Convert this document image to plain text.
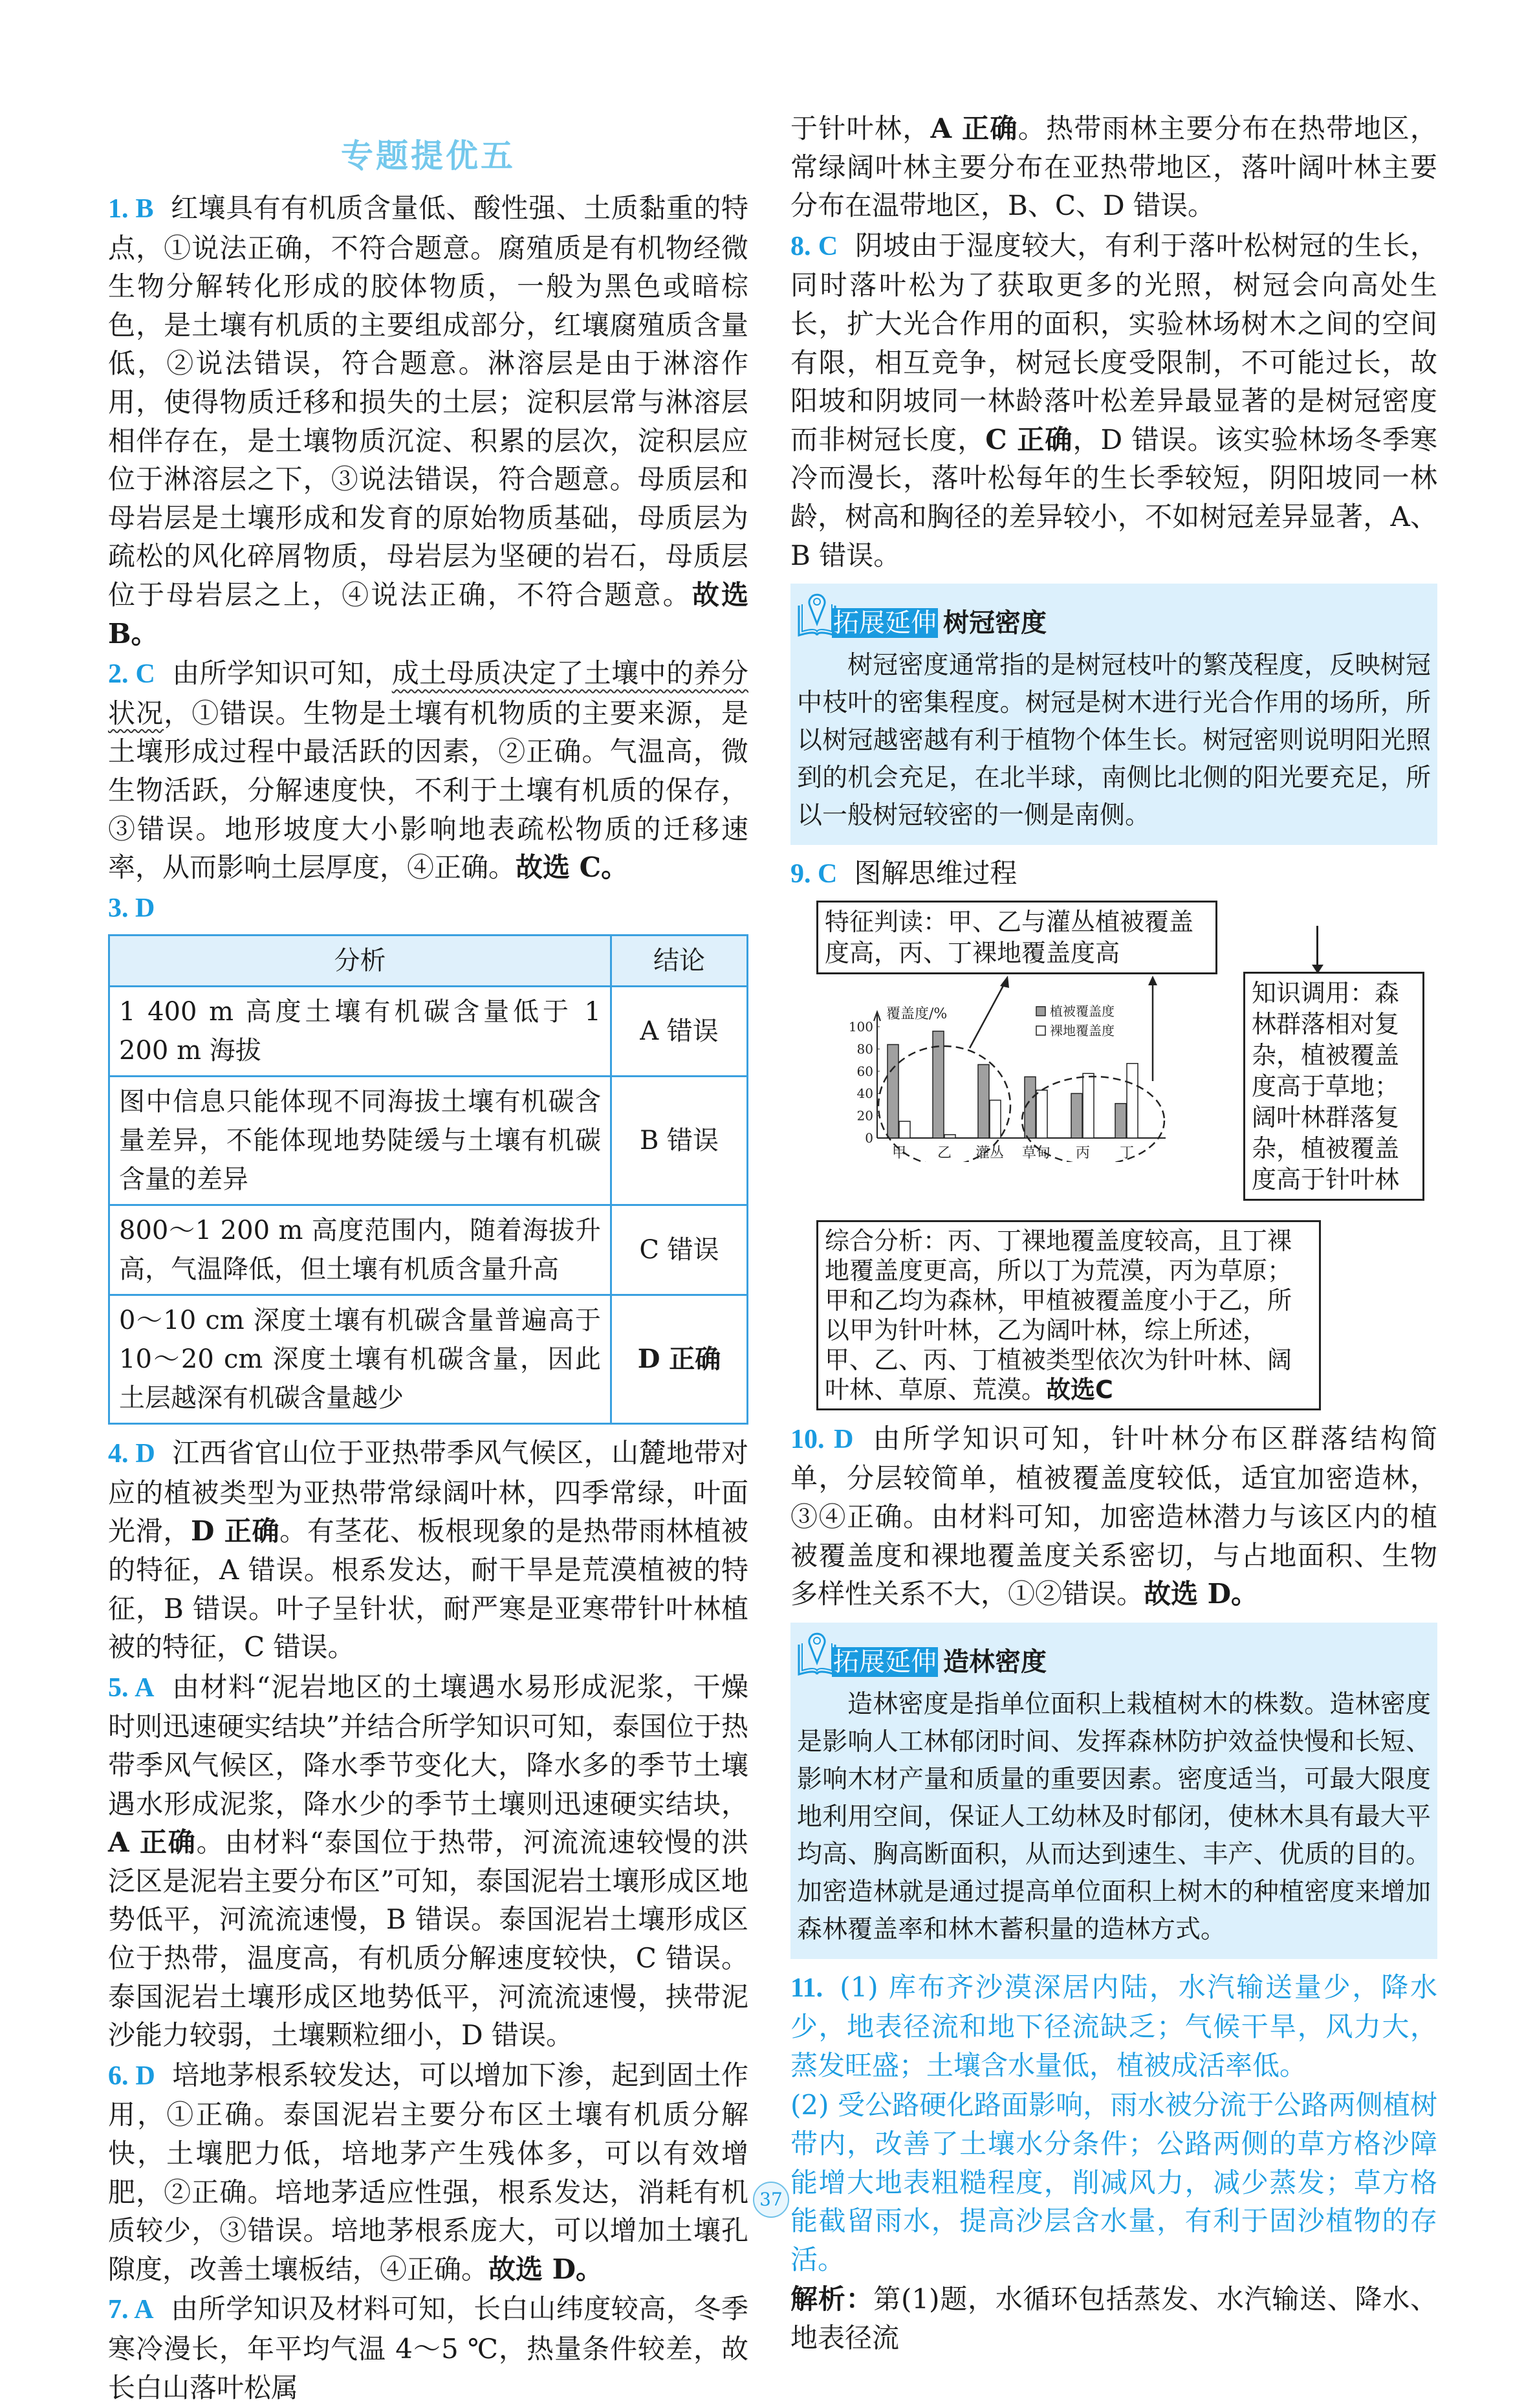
专题提优五
1. B 红壤具有有机质含量低、酸性强、土质黏重的特点，①说法正确，不符合题意。腐殖质是有机物经微生物分解转化形成的胶体物质，一般为黑色或暗棕色，是土壤有机质的主要组成部分，红壤腐殖质含量低，②说法错误，符合题意。淋溶层是由于淋溶作用，使得物质迁移和损失的土层；淀积层常与淋溶层相伴存在，是土壤物质沉淀、积累的层次，淀积层应位于淋溶层之下，③说法错误，符合题意。母质层和母岩层是土壤形成和发育的原始物质基础，母质层为疏松的风化碎屑物质，母岩层为坚硬的岩石，母质层位于母岩层之上，④说法正确，不符合题意。故选 B。
2. C 由所学知识可知，成土母质决定了土壤中的养分状况，①错误。生物是土壤有机物质的主要来源，是土壤形成过程中最活跃的因素，②正确。气温高，微生物活跃，分解速度快，不利于土壤有机质的保存，③错误。地形坡度大小影响地表疏松物质的迁移速率，从而影响土层厚度，④正确。故选 C。
3. D
分析	结论
1 400 m 高度土壤有机碳含量低于 1 200 m 海拔	A 错误
图中信息只能体现不同海拔土壤有机碳含量差异，不能体现地势陡缓与土壤有机碳含量的差异	B 错误
800～1 200 m 高度范围内，随着海拔升高，气温降低，但土壤有机质含量升高	C 错误
0～10 cm 深度土壤有机碳含量普遍高于 10～20 cm 深度土壤有机碳含量，因此土层越深有机碳含量越少	D 正确
4. D 江西省官山位于亚热带季风气候区，山麓地带对应的植被类型为亚热带常绿阔叶林，四季常绿，叶面光滑，D 正确。有茎花、板根现象的是热带雨林植被的特征，A 错误。根系发达，耐干旱是荒漠植被的特征，B 错误。叶子呈针状，耐严寒是亚寒带针叶林植被的特征，C 错误。
5. A 由材料“泥岩地区的土壤遇水易形成泥浆，干燥时则迅速硬实结块”并结合所学知识可知，泰国位于热带季风气候区，降水季节变化大，降水多的季节土壤遇水形成泥浆，降水少的季节土壤则迅速硬实结块，A 正确。由材料“泰国位于热带，河流流速较慢的洪泛区是泥岩主要分布区”可知，泰国泥岩土壤形成区地势低平，河流流速慢，B 错误。泰国泥岩土壤形成区位于热带，温度高，有机质分解速度较快，C 错误。泰国泥岩土壤形成区地势低平，河流流速慢，挟带泥沙能力较弱，土壤颗粒细小，D 错误。
6. D 培地茅根系较发达，可以增加下渗，起到固土作用，①正确。泰国泥岩主要分布区土壤有机质分解快，土壤肥力低，培地茅产生残体多，可以有效增肥，②正确。培地茅适应性强，根系发达，消耗有机质较少，③错误。培地茅根系庞大，可以增加土壤孔隙度，改善土壤板结，④正确。故选 D。
7. A 由所学知识及材料可知，长白山纬度较高，冬季寒冷漫长，年平均气温 4～5 ℃，热量条件较差，故长白山落叶松属
于针叶林，A 正确。热带雨林主要分布在热带地区，常绿阔叶林主要分布在亚热带地区，落叶阔叶林主要分布在温带地区，B、C、D 错误。
8. C 阴坡由于湿度较大，有利于落叶松树冠的生长，同时落叶松为了获取更多的光照，树冠会向高处生长，扩大光合作用的面积，实验林场树木之间的空间有限，相互竞争，树冠长度受限制，不可能过长，故阳坡和阴坡同一林龄落叶松差异最显著的是树冠密度而非树冠长度，C 正确，D 错误。该实验林场冬季寒冷而漫长，落叶松每年的生长季较短，阴阳坡同一林龄，树高和胸径的差异较小，不如树冠差异显著，A、B 错误。
拓展延伸 树冠密度
树冠密度通常指的是树冠枝叶的繁茂程度，反映树冠中枝叶的密集程度。树冠是树木进行光合作用的场所，所以树冠越密越有利于植物个体生长。树冠密则说明阳光照到的机会充足，在北半球，南侧比北侧的阳光要充足，所以一般树冠较密的一侧是南侧。
9. C 图解思维过程
特征判读：甲、乙与灌丛植被覆盖度高，丙、丁裸地覆盖度高
覆盖度/%
0
20
40
60
80
100
甲 乙 灌丛 草甸 丙 丁
植被覆盖度
裸地覆盖度
知识调用：森林群落相对复杂，植被覆盖度高于草地；阔叶林群落复杂，植被覆盖度高于针叶林
综合分析：丙、丁裸地覆盖度较高，且丁裸地覆盖度更高，所以丁为荒漠，丙为草原；甲和乙均为森林，甲植被覆盖度小于乙，所以甲为针叶林，乙为阔叶林，综上所述，甲、乙、丙、丁植被类型依次为针叶林、阔叶林、草原、荒漠。故选C
10. D 由所学知识可知，针叶林分布区群落结构简单，分层较简单，植被覆盖度较低，适宜加密造林，③④正确。由材料可知，加密造林潜力与该区内的植被覆盖度和裸地覆盖度关系密切，与占地面积、生物多样性关系不大，①②错误。故选 D。
拓展延伸 造林密度
造林密度是指单位面积上栽植树木的株数。造林密度是影响人工林郁闭时间、发挥森林防护效益快慢和长短、影响木材产量和质量的重要因素。密度适当，可最大限度地利用空间，保证人工幼林及时郁闭，使林木具有最大平均高、胸高断面积，从而达到速生、丰产、优质的目的。加密造林就是通过提高单位面积上树木的种植密度来增加森林覆盖率和林木蓄积量的造林方式。
11. (1) 库布齐沙漠深居内陆，水汽输送量少，降水少，地表径流和地下径流缺乏；气候干旱，风力大，蒸发旺盛；土壤含水量低，植被成活率低。
(2) 受公路硬化路面影响，雨水被分流于公路两侧植树带内，改善了土壤水分条件；公路两侧的草方格沙障能增大地表粗糙程度，削减风力，减少蒸发；草方格能截留雨水，提高沙层含水量，有利于固沙植物的存活。
解析：第(1)题，水循环包括蒸发、水汽输送、降水、地表径流
37
